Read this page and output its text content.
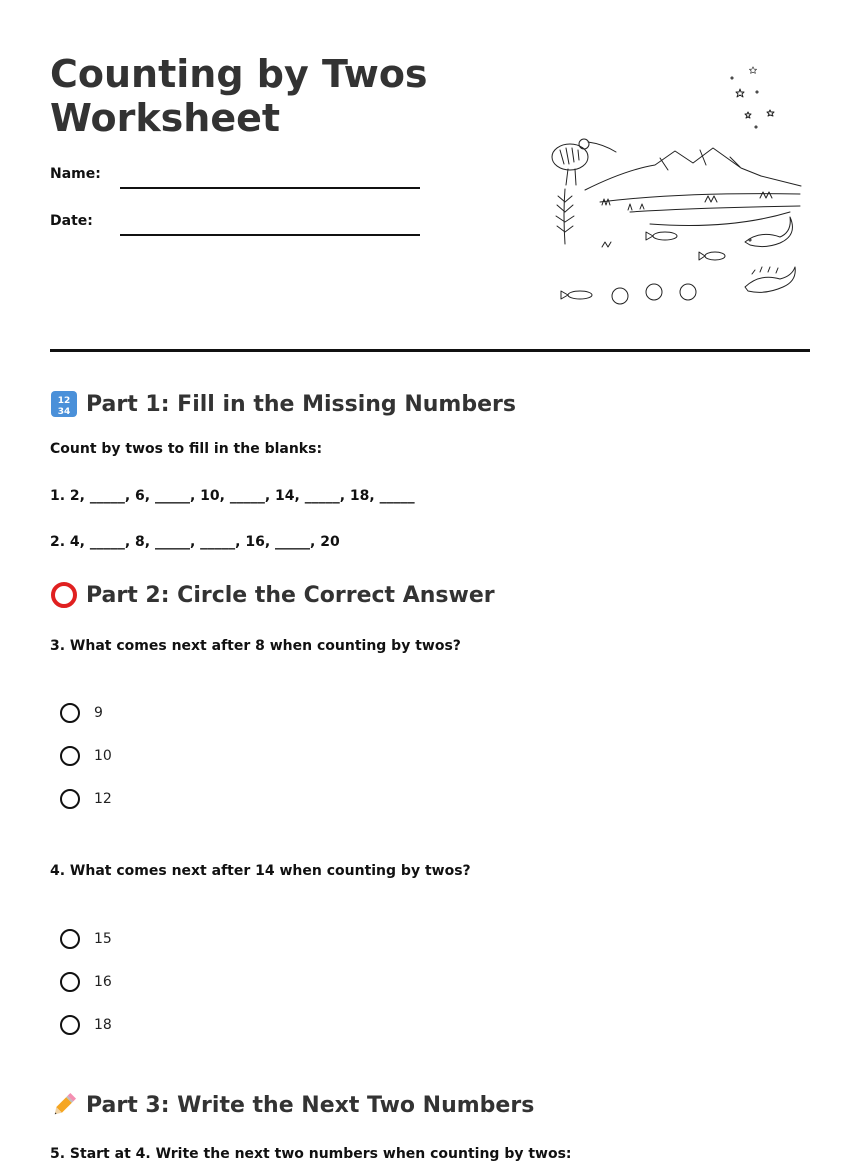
Counting by Twos
Worksheet
Name:
Date:
12
34 Part 1: Fill in the Missing Numbers
Count by twos to fill in the blanks:
1. 2, _____, 6, _____, 10, _____, 14, _____, 18, _____
2. 4, _____, 8, _____, _____, 16, _____, 20
Part 2: Circle the Correct Answer
3. What comes next after 8 when counting by twos?
9
10
12
4. What comes next after 14 when counting by twos?
15
16
18
Part 3: Write the Next Two Numbers
5. Start at 4. Write the next two numbers when counting by twos:
